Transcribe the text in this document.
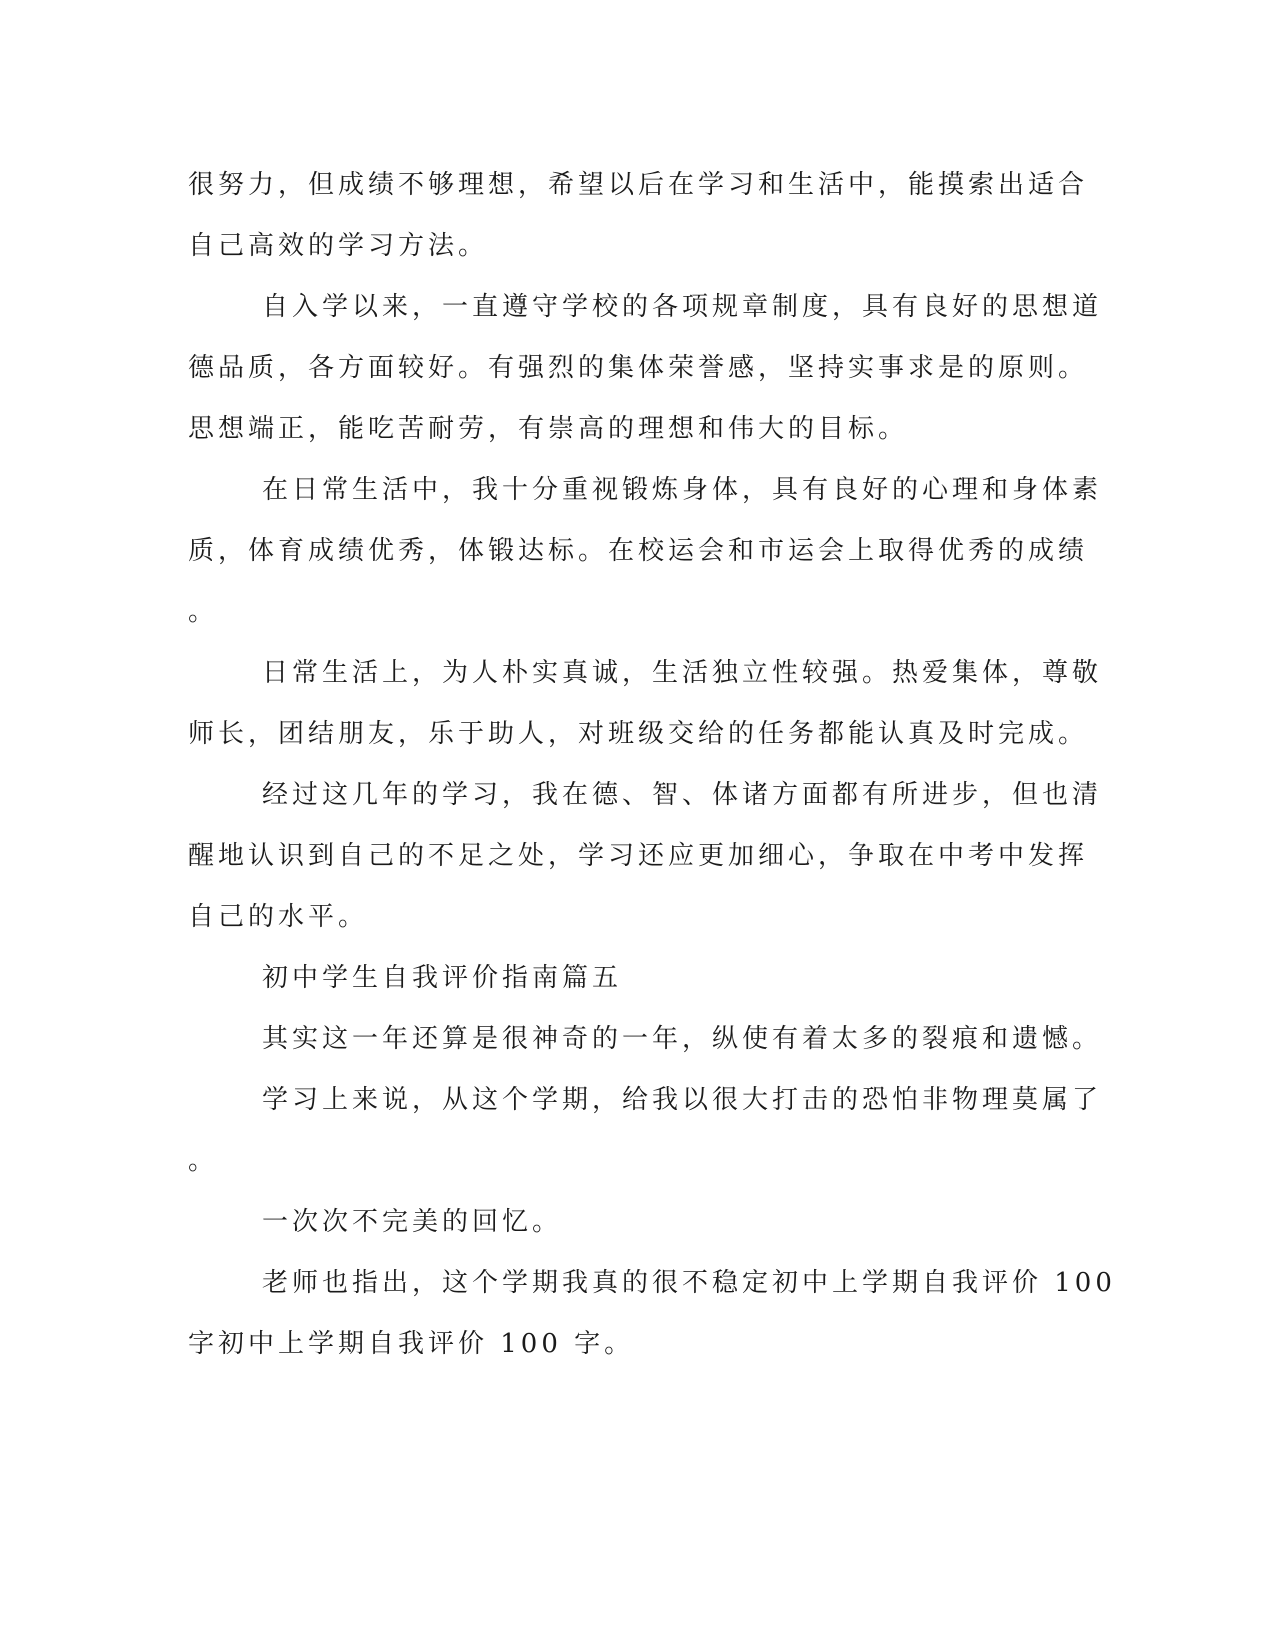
很努力，但成绩不够理想，希望以后在学习和生活中，能摸索出适合
自己高效的学习方法。
自入学以来，一直遵守学校的各项规章制度，具有良好的思想道
德品质，各方面较好。有强烈的集体荣誉感，坚持实事求是的原则。
思想端正，能吃苦耐劳，有崇高的理想和伟大的目标。
在日常生活中，我十分重视锻炼身体，具有良好的心理和身体素
质，体育成绩优秀，体锻达标。在校运会和市运会上取得优秀的成绩
。
日常生活上，为人朴实真诚，生活独立性较强。热爱集体，尊敬
师长，团结朋友，乐于助人，对班级交给的任务都能认真及时完成。
经过这几年的学习，我在德、智、体诸方面都有所进步，但也清
醒地认识到自己的不足之处，学习还应更加细心，争取在中考中发挥
自己的水平。
初中学生自我评价指南篇五
其实这一年还算是很神奇的一年，纵使有着太多的裂痕和遗憾。
学习上来说，从这个学期，给我以很大打击的恐怕非物理莫属了
。
一次次不完美的回忆。
老师也指出，这个学期我真的很不稳定初中上学期自我评价 100
字初中上学期自我评价 100 字。
